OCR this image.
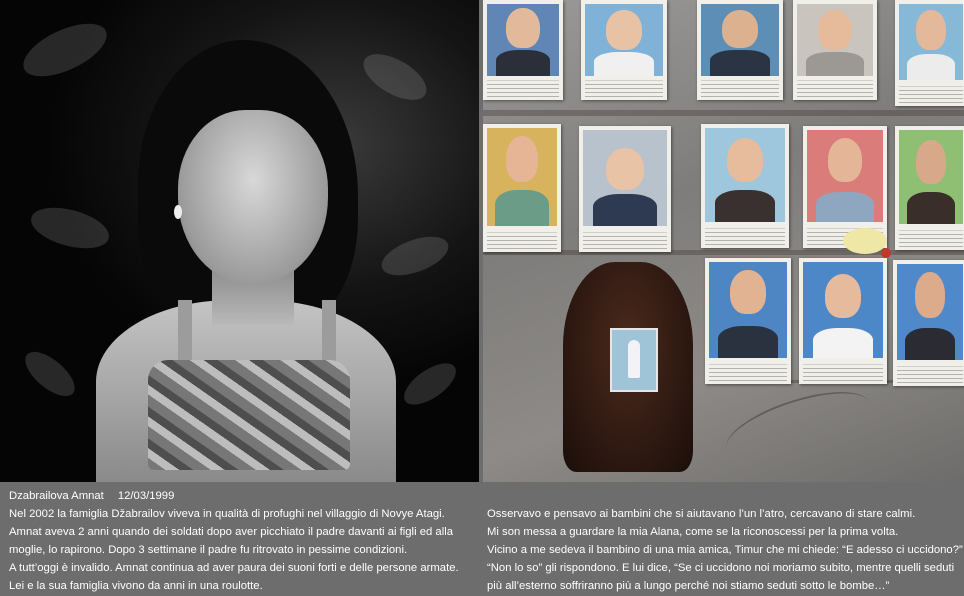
Dzabrailova Amnat 12/03/1999
Nel 2002 la famiglia Džabrailov viveva in qualità di profughi nel villaggio di Novye Atagi.
Amnat aveva 2 anni quando dei soldati dopo aver picchiato il padre davanti ai figli ed alla
moglie, lo rapirono. Dopo 3 settimane il padre fu ritrovato in pessime condizioni.
A tutt’oggi è invalido. Amnat continua ad aver paura dei suoni forti e delle persone armate.
Lei e la sua famiglia vivono da anni in una roulotte.
Osservavo e pensavo ai bambini che si aiutavano l’un l’atro, cercavano di stare calmi.
Mi son messa a guardare la mia Alana, come se la riconoscessi per la prima volta.
Vicino a me sedeva il bambino di una mia amica, Timur che mi chiede: “E adesso ci uccidono?”
“Non lo so” gli rispondono. E lui dice, “Se ci uccidono noi moriamo subito, mentre quelli seduti
più all’esterno soffriranno più a lungo perché noi stiamo seduti sotto le bombe…”
